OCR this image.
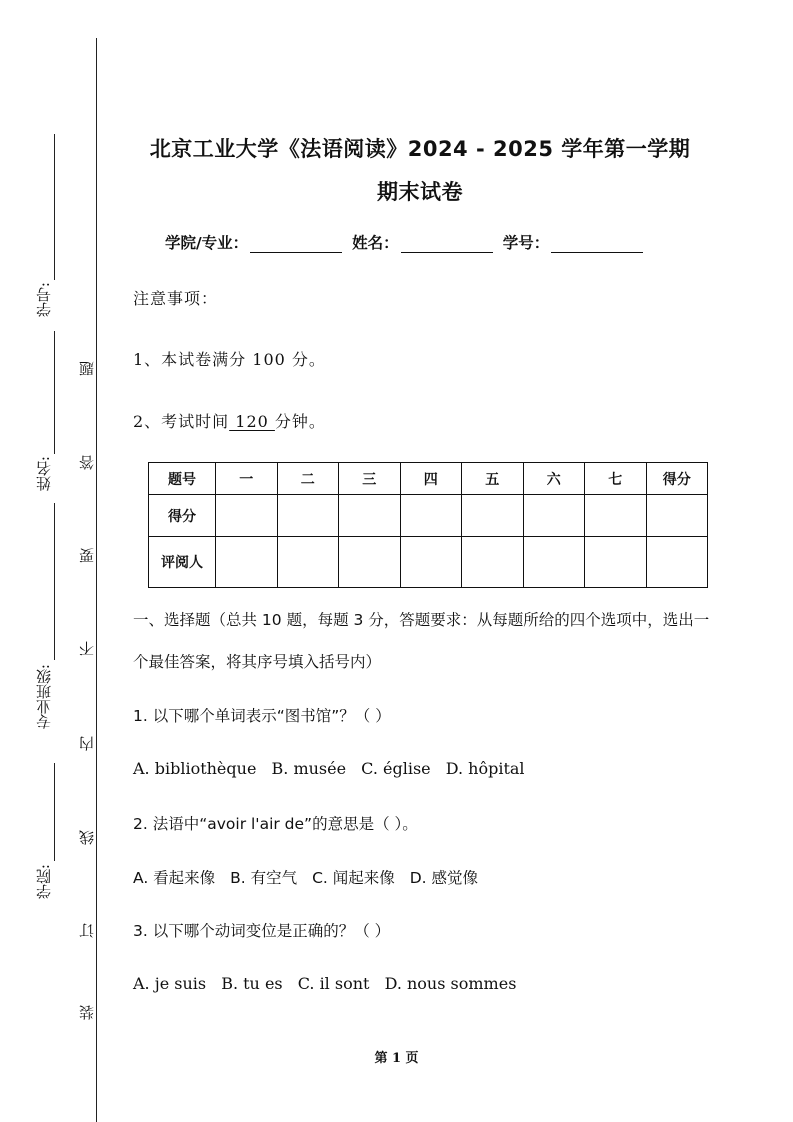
学号:
姓名:
专业班级:
学院:
题
答
要
不
内
线
订
装
北京工业大学《法语阅读》2024 - 2025 学年第一学期
期末试卷
学院/专业：	姓名：	学号：
注意事项：
1、本试卷满分 100 分。
2、考试时间 120 分钟。
题号	一	二	三	四	五	六	七	得分
得分								
评阅人								
一、选择题（总共 10 题，每题 3 分，答题要求：从每题所给的四个选项中，选出一个最佳答案，将其序号填入括号内）
1. 以下哪个单词表示“图书馆”？（ ）
A. bibliothèque B. musée C. église D. hôpital
2. 法语中“avoir l'air de”的意思是（ ）。
A. 看起来像 B. 有空气 C. 闻起来像 D. 感觉像
3. 以下哪个动词变位是正确的？（ ）
A. je suis B. tu es C. il sont D. nous sommes
第 1 页
